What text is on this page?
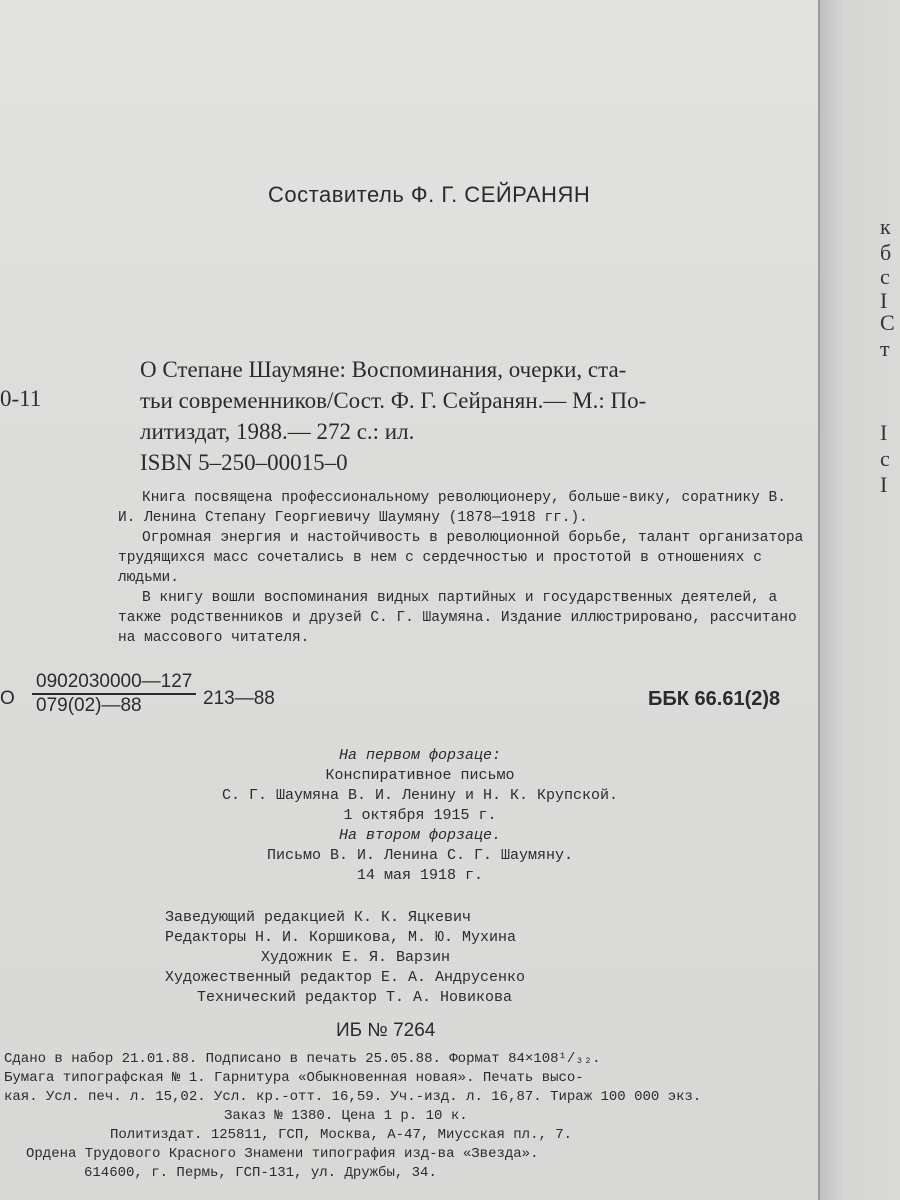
Составитель Ф. Г. СЕЙРАНЯН
0-11
О Степане Шаумяне: Воспоминания, очерки, ста-
тьи современников/Сост. Ф. Г. Сейранян.— М.: По-
литиздат, 1988.— 272 с.: ил.
ISBN 5–250–00015–0

Книга посвящена профессиональному революционеру, больше-вику, соратнику В. И. Ленина Степану Георгиевичу Шаумяну (1878—1918 гг.).

Огромная энергия и настойчивость в революционной борьбе, талант организатора трудящихся масс сочетались в нем с сердечностью и простотой в отношениях с людьми.

В книгу вошли воспоминания видных партийных и государственных деятелей, а также родственников и друзей С. Г. Шаумяна. Издание иллюстрировано, рассчитано на массового читателя.

О $\frac{0902030000—127}{079(02)—88}$ 213—88	ББК 66.61(2)8
На первом форзаце:
Конспиративное письмо
С. Г. Шаумяна В. И. Ленину и Н. К. Крупской.
1 октября 1915 г.
На втором форзаце.
Письмо В. И. Ленина С. Г. Шаумяну.
14 мая 1918 г.
Заведующий редакцией К. К. Яцкевич
Редакторы Н. И. Коршикова, М. Ю. Мухина
Художник Е. Я. Варзин
Художественный редактор Е. А. Андрусенко
Технический редактор Т. А. Новикова
ИБ № 7264
Сдано в набор 21.01.88. Подписано в печать 25.05.88. Формат 84×108¹/₃₂.
Бумага типографская № 1. Гарнитура «Обыкновенная новая». Печать высо-
кая. Усл. печ. л. 15,02. Усл. кр.-отт. 16,59. Уч.-изд. л. 16,87. Тираж 100 000 экз.
Заказ № 1380. Цена 1 р. 10 к.
Политиздат. 125811, ГСП, Москва, А-47, Миусская пл., 7.
Ордена Трудового Красного Знамени типография изд-ва «Звезда».
614600, г. Пермь, ГСП-131, ул. Дружбы, 34.
к
б
с
I
С
т
І
с
І
